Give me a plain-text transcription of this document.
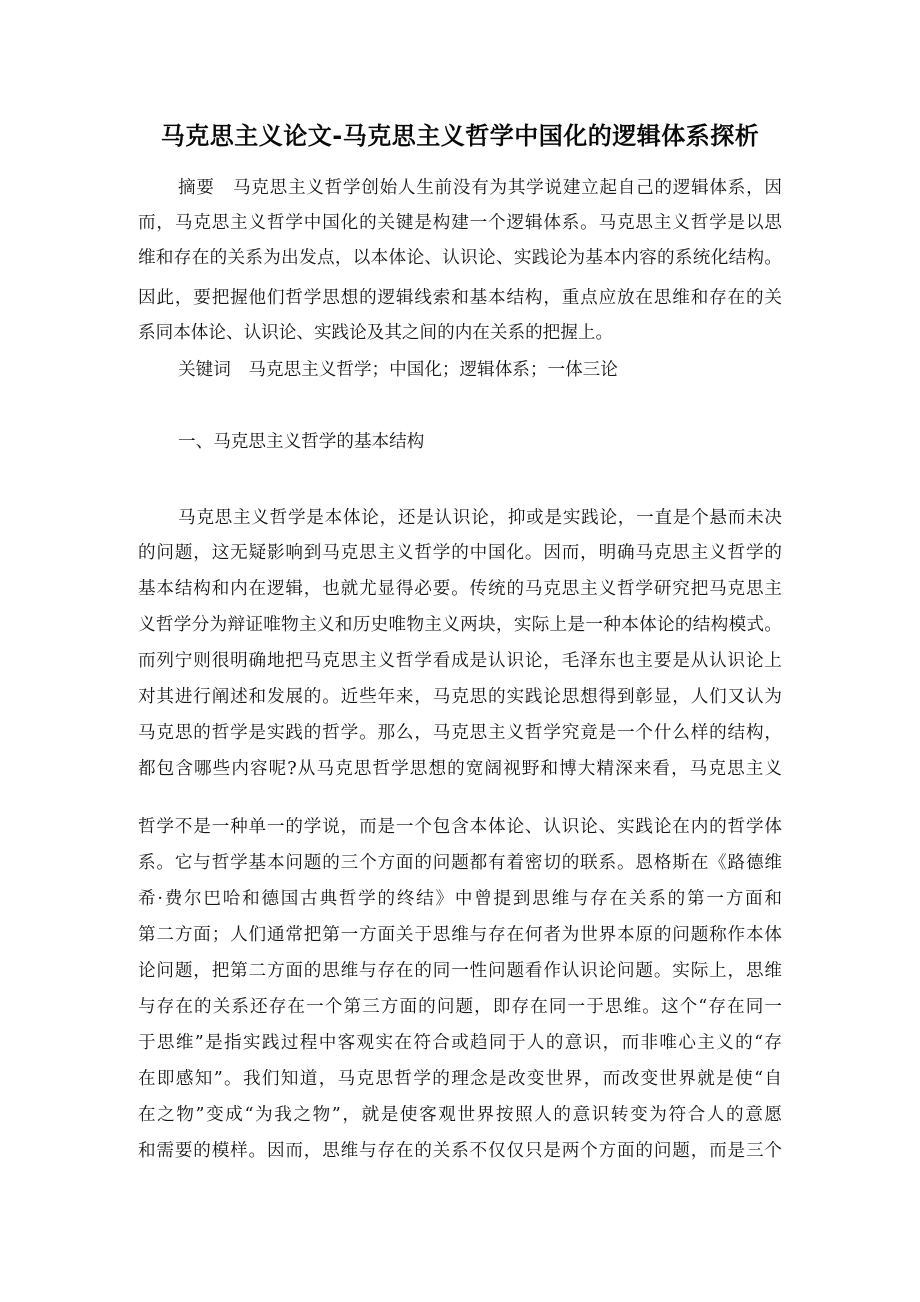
马克思主义论文-马克思主义哲学中国化的逻辑体系探析
摘要　马克思主义哲学创始人生前没有为其学说建立起自己的逻辑体系，因
而，马克思主义哲学中国化的关键是构建一个逻辑体系。马克思主义哲学是以思
维和存在的关系为出发点，以本体论、认识论、实践论为基本内容的系统化结构。
因此，要把握他们哲学思想的逻辑线索和基本结构，重点应放在思维和存在的关
系同本体论、认识论、实践论及其之间的内在关系的把握上。
关键词　马克思主义哲学；中国化；逻辑体系；一体三论
一、马克思主义哲学的基本结构
马克思主义哲学是本体论，还是认识论，抑或是实践论，一直是个悬而未决
的问题，这无疑影响到马克思主义哲学的中国化。因而，明确马克思主义哲学的
基本结构和内在逻辑，也就尤显得必要。传统的马克思主义哲学研究把马克思主
义哲学分为辩证唯物主义和历史唯物主义两块，实际上是一种本体论的结构模式。
而列宁则很明确地把马克思主义哲学看成是认识论，毛泽东也主要是从认识论上
对其进行阐述和发展的。近些年来，马克思的实践论思想得到彰显，人们又认为
马克思的哲学是实践的哲学。那么，马克思主义哲学究竟是一个什么样的结构，
都包含哪些内容呢?从马克思哲学思想的宽阔视野和博大精深来看，马克思主义
哲学不是一种单一的学说，而是一个包含本体论、认识论、实践论在内的哲学体
系。它与哲学基本问题的三个方面的问题都有着密切的联系。恩格斯在《路德维
希·费尔巴哈和德国古典哲学的终结》中曾提到思维与存在关系的第一方面和
第二方面；人们通常把第一方面关于思维与存在何者为世界本原的问题称作本体
论问题，把第二方面的思维与存在的同一性问题看作认识论问题。实际上，思维
与存在的关系还存在一个第三方面的问题，即存在同一于思维。这个“存在同一
于思维”是指实践过程中客观实在符合或趋同于人的意识，而非唯心主义的“存
在即感知”。我们知道，马克思哲学的理念是改变世界，而改变世界就是使“自
在之物”变成“为我之物”，就是使客观世界按照人的意识转变为符合人的意愿
和需要的模样。因而，思维与存在的关系不仅仅只是两个方面的问题，而是三个
